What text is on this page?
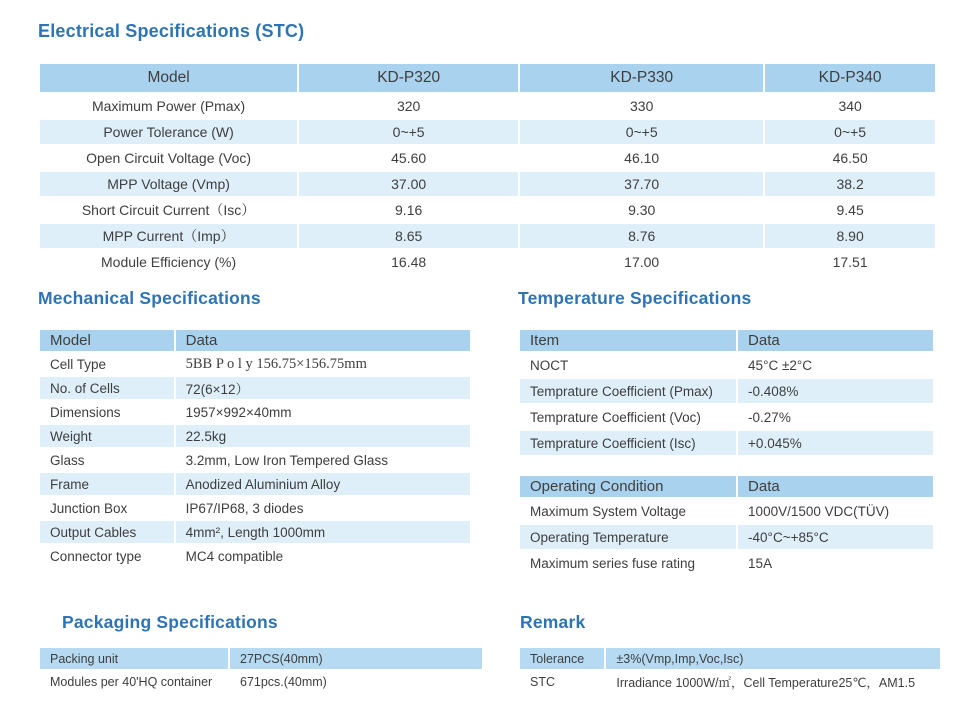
Electrical Specifications (STC)
Model	KD-P320	KD-P330	KD-P340
Maximum Power (Pmax)	320	330	340
Power Tolerance (W)	0~+5	0~+5	0~+5
Open Circuit Voltage (Voc)	45.60	46.10	46.50
MPP Voltage (Vmp)	37.00	37.70	38.2
Short Circuit Current（Isc）	9.16	9.30	9.45
MPP Current（Imp）	8.65	8.76	8.90
Module Efficiency (%)	16.48	17.00	17.51
Mechanical Specifications
Model	Data
Cell Type	5BB P o l y 156.75×156.75mm
No. of Cells	72(6×12）
Dimensions	1957×992×40mm
Weight	22.5kg
Glass	3.2mm, Low Iron Tempered Glass
Frame	Anodized Aluminium Alloy
Junction Box	IP67/IP68, 3 diodes
Output Cables	4mm², Length 1000mm
Connector type	MC4 compatible
Temperature Specifications
Item	Data
NOCT	45°C ±2°C
Temprature Coefficient (Pmax)	-0.408%
Temprature Coefficient (Voc)	-0.27%
Temprature Coefficient (Isc)	+0.045%
Operating Condition	Data
Maximum System Voltage	1000V/1500 VDC(TÜV)
Operating Temperature	-40°C~+85°C
Maximum series fuse rating	15A
Packaging Specifications
Packing unit	27PCS(40mm)
Modules per 40'HQ container	671pcs.(40mm)
Remark
Tolerance	±3%(Vmp,Imp,Voc,Isc)
STC	Irradiance 1000W/㎡，Cell Temperature25℃，AM1.5
